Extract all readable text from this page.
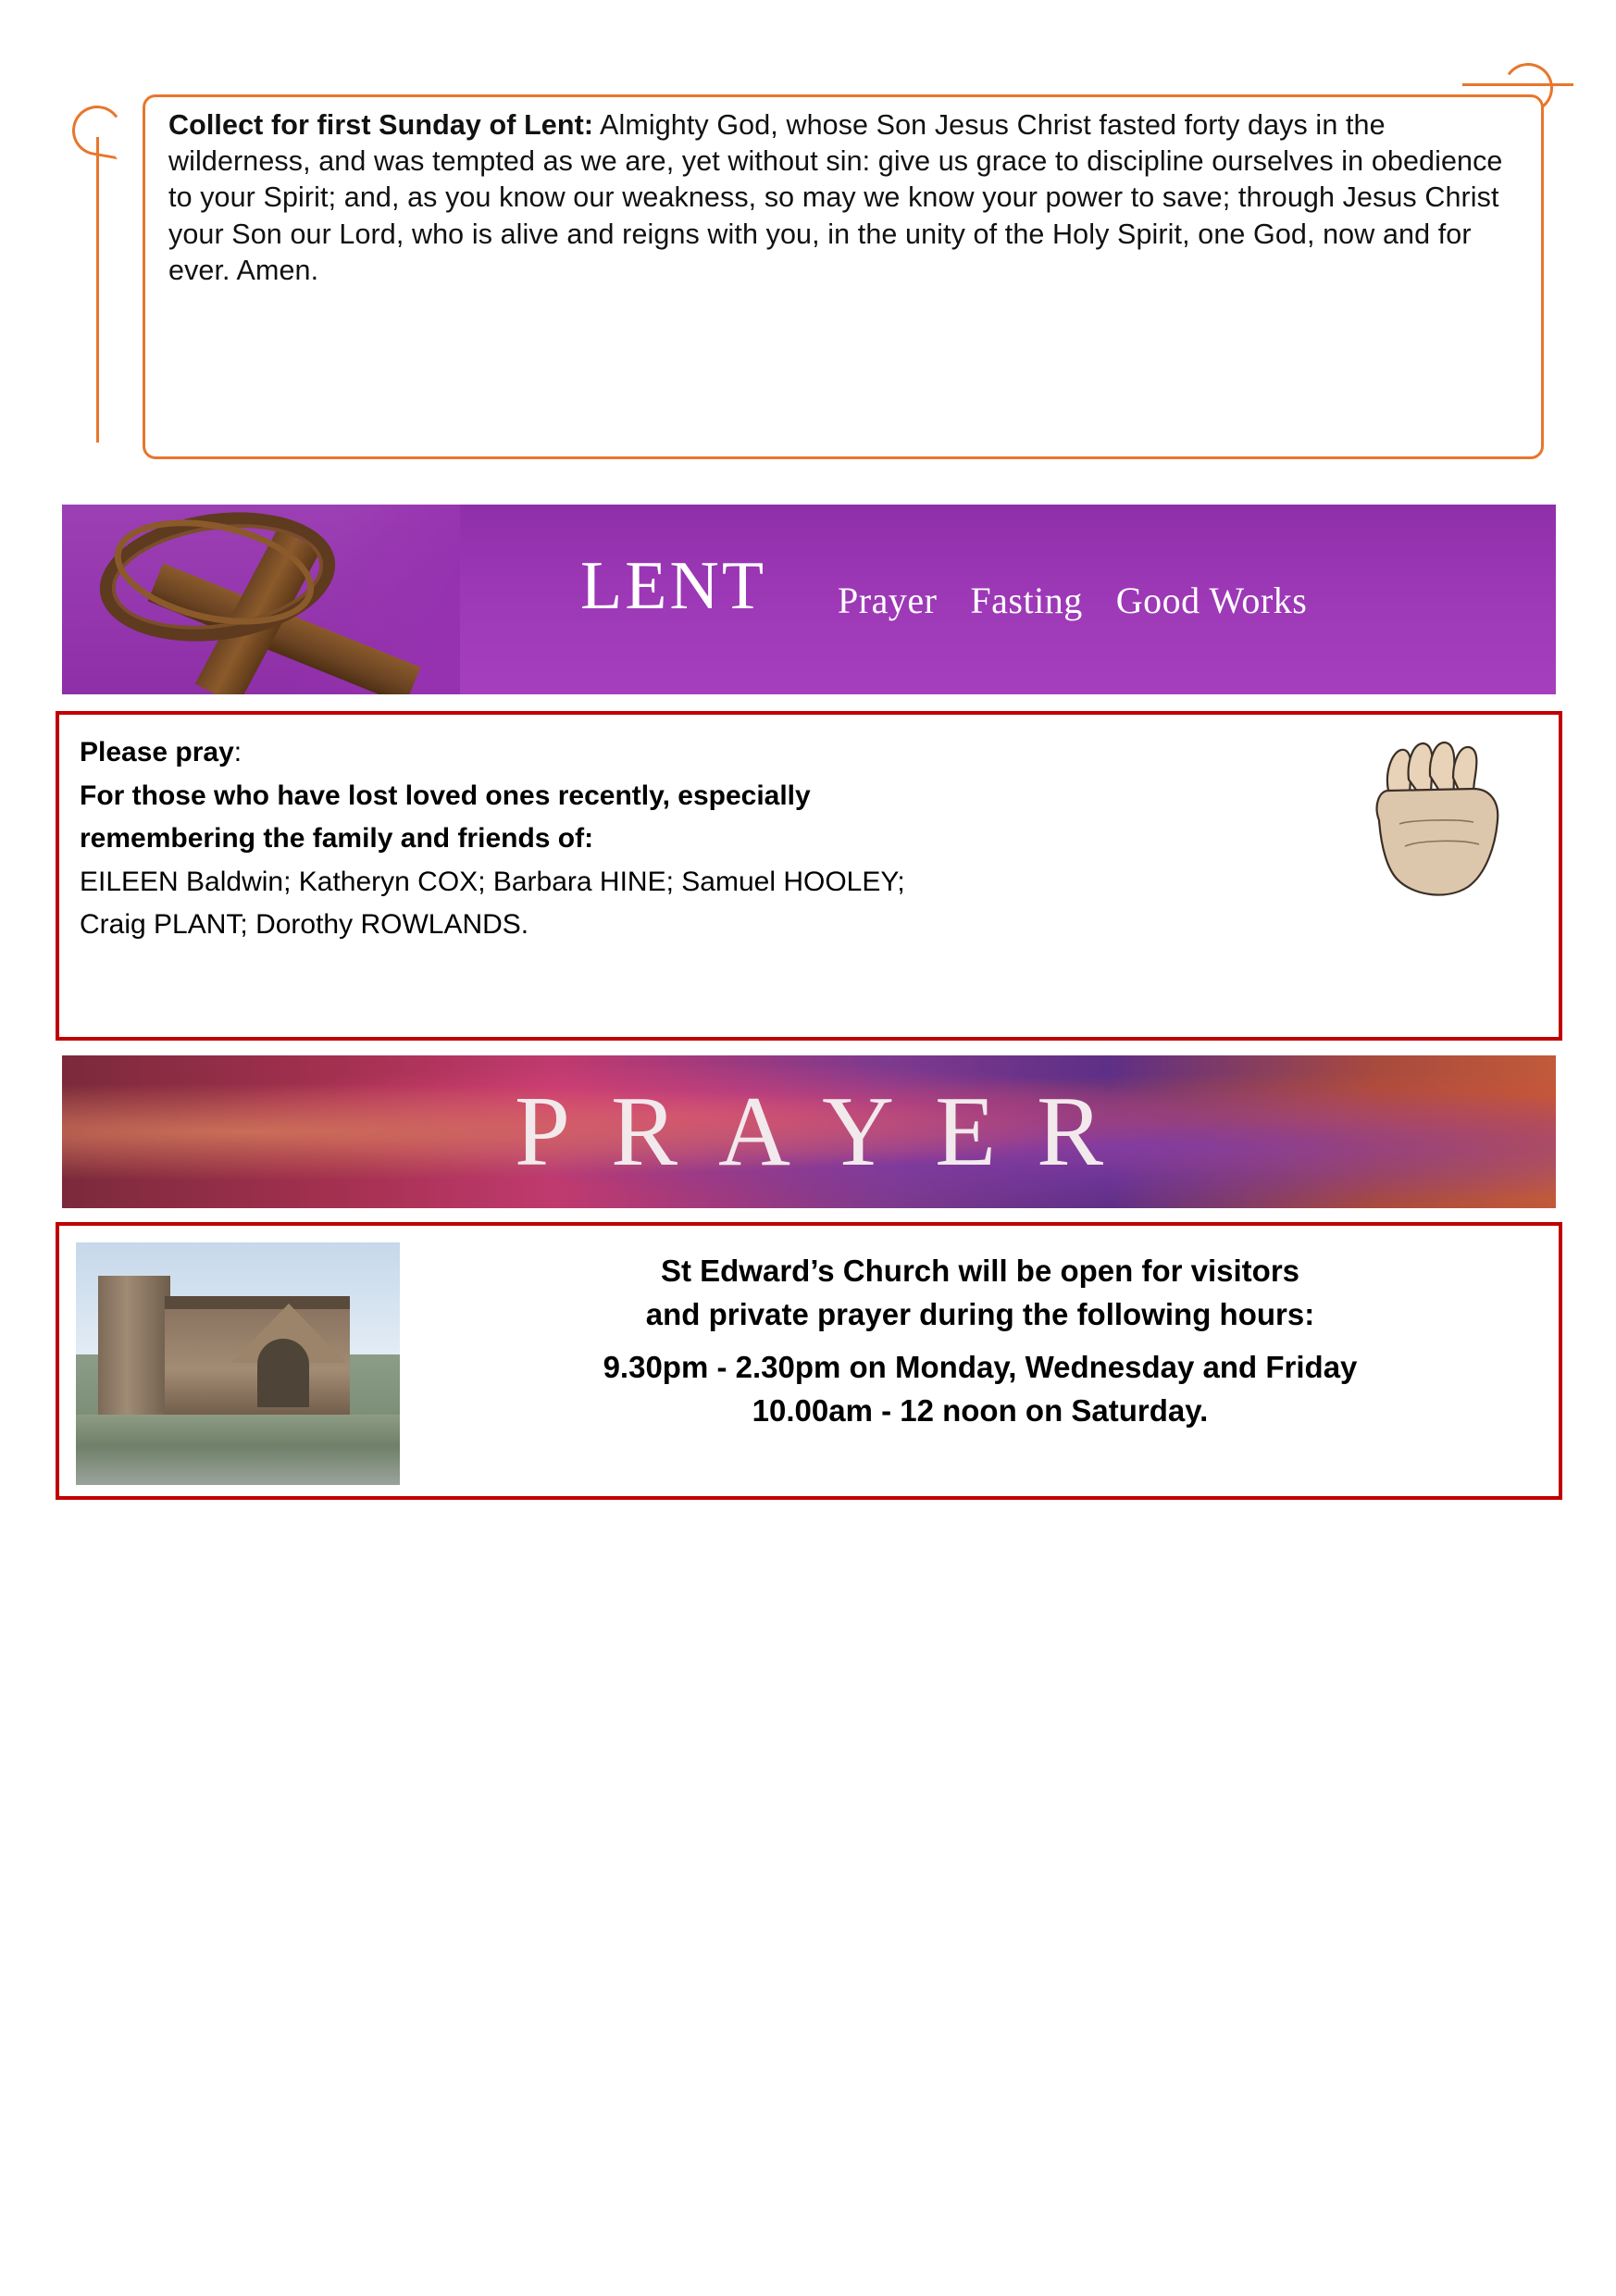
Collect for first Sunday of Lent: Almighty God, whose Son Jesus Christ fasted forty days in the wilderness, and was tempted as we are, yet without sin: give us grace to discipline ourselves in obedience to your Spirit; and, as you know our weakness, so may we know your power to save; through Jesus Christ your Son our Lord, who is alive and reigns with you, in the unity of the Holy Spirit, one God, now and for ever. Amen.
LENT Prayer Fasting Good Works
Please pray:
For those who have lost loved ones recently, especially
remembering the family and friends of:
EILEEN Baldwin; Katheryn COX; Barbara HINE; Samuel HOOLEY;
Craig PLANT; Dorothy ROWLANDS.
PRAYER
St Edward’s Church will be open for visitors
and private prayer during the following hours:
9.30pm - 2.30pm on Monday, Wednesday and Friday
10.00am - 12 noon on Saturday.
